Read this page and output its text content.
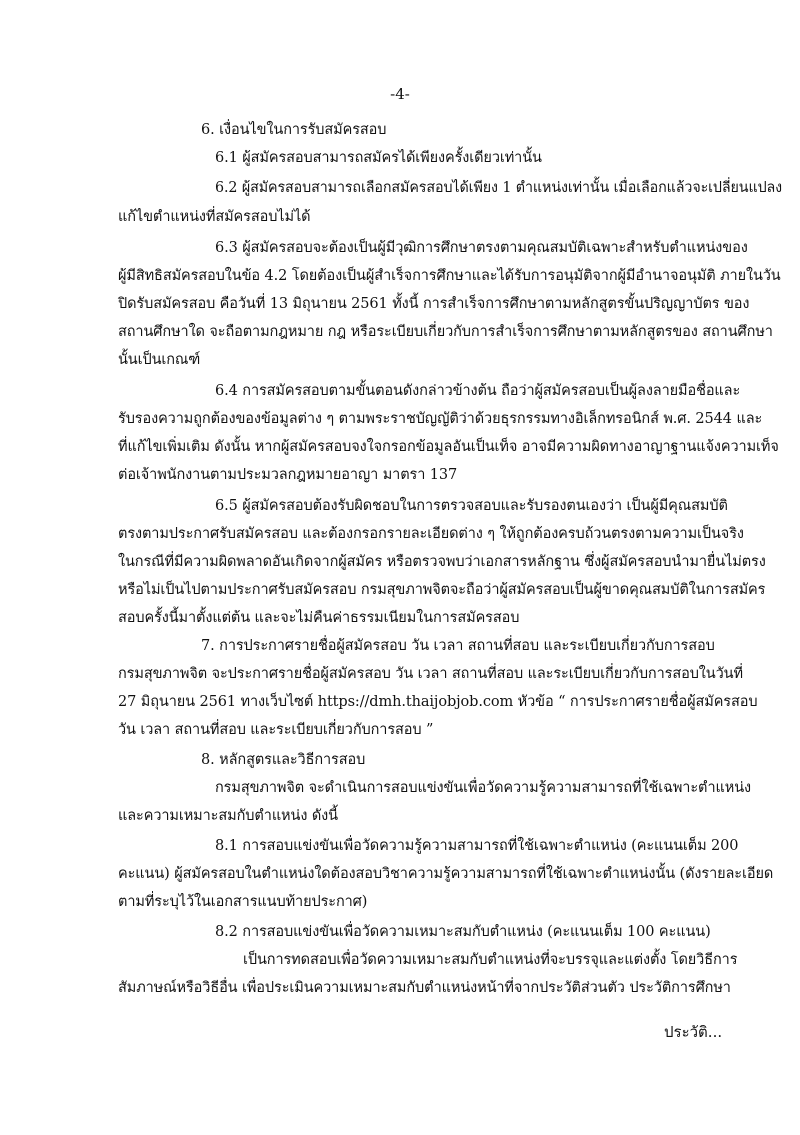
-4-
6. เงื่อนไขในการรับสมัครสอบ
6.1 ผู้สมัครสอบสามารถสมัครได้เพียงครั้งเดียวเท่านั้น
6.2 ผู้สมัครสอบสามารถเลือกสมัครสอบได้เพียง 1 ตำแหน่งเท่านั้น เมื่อเลือกแล้วจะเปลี่ยนแปลง
แก้ไขตำแหน่งที่สมัครสอบไม่ได้
6.3 ผู้สมัครสอบจะต้องเป็นผู้มีวุฒิการศึกษาตรงตามคุณสมบัติเฉพาะสำหรับตำแหน่งของ
ผู้มีสิทธิสมัครสอบในข้อ 4.2 โดยต้องเป็นผู้สำเร็จการศึกษาและได้รับการอนุมัติจากผู้มีอำนาจอนุมัติ ภายในวัน
ปิดรับสมัครสอบ คือวันที่ 13 มิถุนายน 2561 ทั้งนี้ การสำเร็จการศึกษาตามหลักสูตรขั้นปริญญาบัตร ของ
สถานศึกษาใด จะถือตามกฎหมาย กฎ หรือระเบียบเกี่ยวกับการสำเร็จการศึกษาตามหลักสูตรของ สถานศึกษา
นั้นเป็นเกณฑ์
6.4 การสมัครสอบตามขั้นตอนดังกล่าวข้างต้น ถือว่าผู้สมัครสอบเป็นผู้ลงลายมือชื่อและ
รับรองความถูกต้องของข้อมูลต่าง ๆ ตามพระราชบัญญัติว่าด้วยธุรกรรมทางอิเล็กทรอนิกส์ พ.ศ. 2544 และ
ที่แก้ไขเพิ่มเติม ดังนั้น หากผู้สมัครสอบจงใจกรอกข้อมูลอันเป็นเท็จ อาจมีความผิดทางอาญาฐานแจ้งความเท็จ
ต่อเจ้าพนักงานตามประมวลกฎหมายอาญา มาตรา 137
6.5 ผู้สมัครสอบต้องรับผิดชอบในการตรวจสอบและรับรองตนเองว่า เป็นผู้มีคุณสมบัติ
ตรงตามประกาศรับสมัครสอบ และต้องกรอกรายละเอียดต่าง ๆ ให้ถูกต้องครบถ้วนตรงตามความเป็นจริง
ในกรณีที่มีความผิดพลาดอันเกิดจากผู้สมัคร หรือตรวจพบว่าเอกสารหลักฐาน ซึ่งผู้สมัครสอบนำมายื่นไม่ตรง
หรือไม่เป็นไปตามประกาศรับสมัครสอบ กรมสุขภาพจิตจะถือว่าผู้สมัครสอบเป็นผู้ขาดคุณสมบัติในการสมัคร
สอบครั้งนี้มาตั้งแต่ต้น และจะไม่คืนค่าธรรมเนียมในการสมัครสอบ
7. การประกาศรายชื่อผู้สมัครสอบ วัน เวลา สถานที่สอบ และระเบียบเกี่ยวกับการสอบ
กรมสุขภาพจิต จะประกาศรายชื่อผู้สมัครสอบ วัน เวลา สถานที่สอบ และระเบียบเกี่ยวกับการสอบในวันที่
27 มิถุนายน 2561 ทางเว็บไซต์ https://dmh.thaijobjob.com หัวข้อ “ การประกาศรายชื่อผู้สมัครสอบ
วัน เวลา สถานที่สอบ และระเบียบเกี่ยวกับการสอบ ”
8. หลักสูตรและวิธีการสอบ
กรมสุขภาพจิต จะดำเนินการสอบแข่งขันเพื่อวัดความรู้ความสามารถที่ใช้เฉพาะตำแหน่ง
และความเหมาะสมกับตำแหน่ง ดังนี้
8.1 การสอบแข่งขันเพื่อวัดความรู้ความสามารถที่ใช้เฉพาะตำแหน่ง (คะแนนเต็ม 200
คะแนน) ผู้สมัครสอบในตำแหน่งใดต้องสอบวิชาความรู้ความสามารถที่ใช้เฉพาะตำแหน่งนั้น (ดังรายละเอียด
ตามที่ระบุไว้ในเอกสารแนบท้ายประกาศ)
8.2 การสอบแข่งขันเพื่อวัดความเหมาะสมกับตำแหน่ง (คะแนนเต็ม 100 คะแนน)
เป็นการทดสอบเพื่อวัดความเหมาะสมกับตำแหน่งที่จะบรรจุและแต่งตั้ง โดยวิธีการ
สัมภาษณ์หรือวิธีอื่น เพื่อประเมินความเหมาะสมกับตำแหน่งหน้าที่จากประวัติส่วนตัว ประวัติการศึกษา
ประวัติ...
